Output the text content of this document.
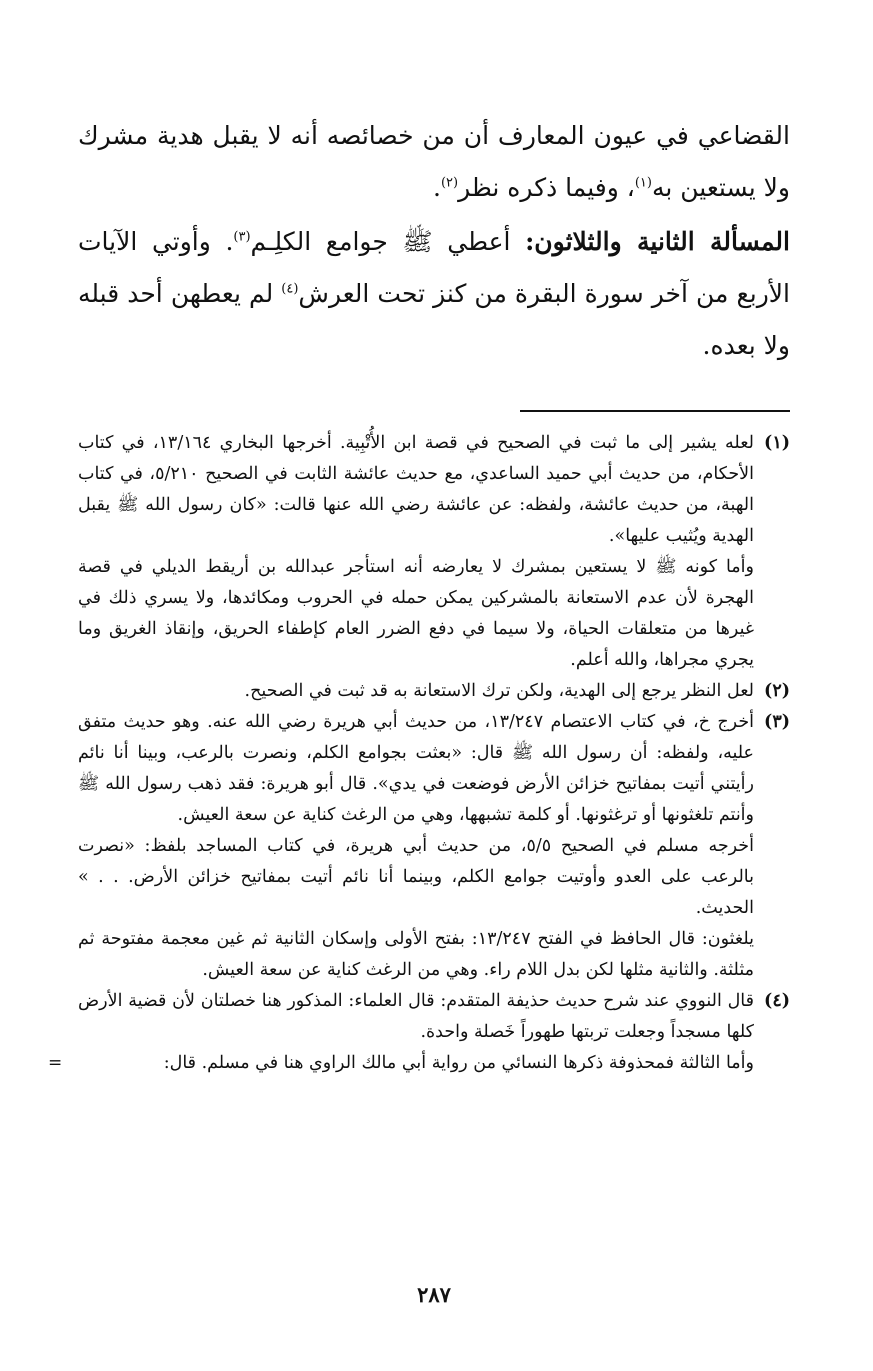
القضاعي في عيون المعارف أن من خصائصه أنه لا يقبل هدية مشرك ولا يستعين به$^{(١)}$، وفيما ذكره نظر$^{(٢)}$.

المسألة الثانية والثلاثون: أعطي ﷺ جوامع الكلِـم$^{(٣)}$. وأوتي الآيات الأربع من آخر سورة البقرة من كنز تحت العرش$^{(٤)}$ لم يعطهن أحد قبله ولا بعده.

(١)

لعله يشير إلى ما ثبت في الصحيح في قصة ابن الأُتْبِية. أخرجها البخاري ١٣/١٦٤، في كتاب الأحكام، من حديث أبي حميد الساعدي، مع حديث عائشة الثابت في الصحيح ٥/٢١٠، في كتاب الهبة، من حديث عائشة، ولفظه: عن عائشة رضي الله عنها قالت: «كان رسول الله ﷺ يقبل الهدية ويُثيب عليها».

وأما كونه ﷺ لا يستعين بمشرك لا يعارضه أنه استأجر عبدالله بن أريقط الديلي في قصة الهجرة لأن عدم الاستعانة بالمشركين يمكن حمله في الحروب ومكائدها، ولا يسري ذلك في غيرها من متعلقات الحياة، ولا سيما في دفع الضرر العام كإطفاء الحريق، وإنقاذ الغريق وما يجري مجراها، والله أعلم.

(٢)

لعل النظر يرجع إلى الهدية، ولكن ترك الاستعانة به قد ثبت في الصحيح.

(٣)

أخرج خ، في كتاب الاعتصام ١٣/٢٤٧، من حديث أبي هريرة رضي الله عنه. وهو حديث متفق عليه، ولفظه: أن رسول الله ﷺ قال: «بعثت بجوامع الكلم، ونصرت بالرعب، وبينا أنا نائم رأيتني أتيت بمفاتيح خزائن الأرض فوضعت في يدي». قال أبو هريرة: فقد ذهب رسول الله ﷺ وأنتم تلغثونها أو ترغثونها. أو كلمة تشبهها، وهي من الرغث كناية عن سعة العيش.

أخرجه مسلم في الصحيح ٥/٥، من حديث أبي هريرة، في كتاب المساجد بلفظ: «نصرت بالرعب على العدو وأوتيت جوامع الكلم، وبينما أنا نائم أتيت بمفاتيح خزائن الأرض. . . » الحديث.

يلغثون: قال الحافظ في الفتح ١٣/٢٤٧: بفتح الأولى وإسكان الثانية ثم غين معجمة مفتوحة ثم مثلثة. والثانية مثلها لكن بدل اللام راء. وهي من الرغث كناية عن سعة العيش.

(٤)

قال النووي عند شرح حديث حذيفة المتقدم: قال العلماء: المذكور هنا خصلتان لأن قضية الأرض كلها مسجداً وجعلت تربتها طهوراً خَصلة واحدة.

وأما الثالثة فمحذوفة ذكرها النسائي من رواية أبي مالك الراوي هنا في مسلم. قال:

=
٢٨٧
